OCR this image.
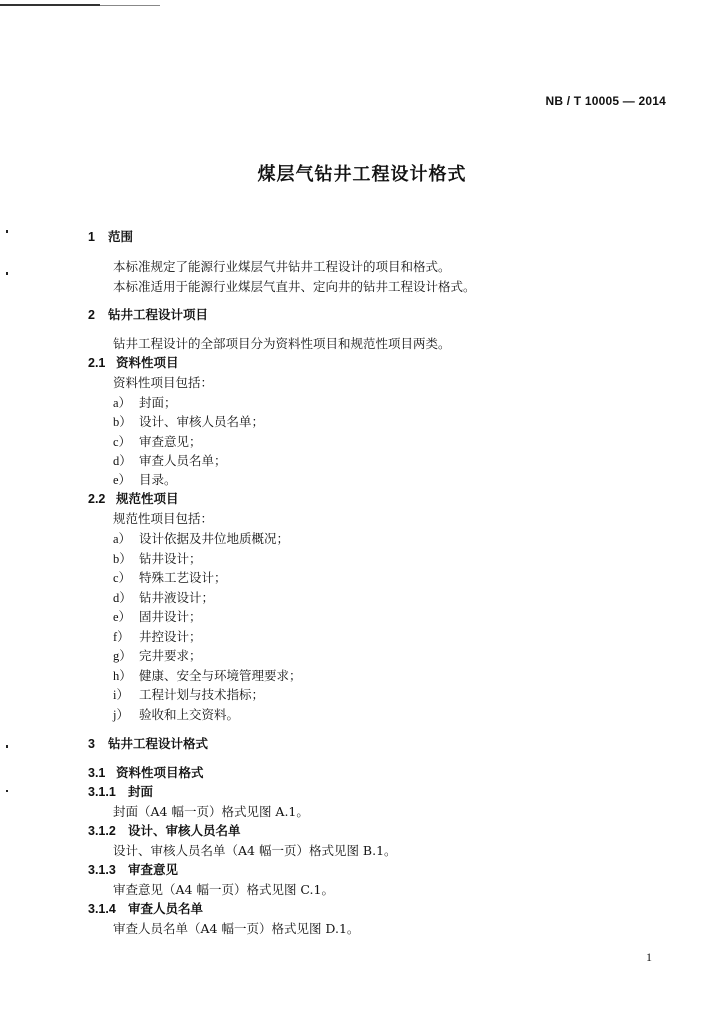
NB / T 10005 — 2014
煤层气钻井工程设计格式
1 范围
本标准规定了能源行业煤层气井钻井工程设计的项目和格式。
本标准适用于能源行业煤层气直井、定向井的钻井工程设计格式。
2 钻井工程设计项目
钻井工程设计的全部项目分为资料性项目和规范性项目两类。
2.1 资料性项目
资料性项目包括：
a） 封面；
b） 设计、审核人员名单；
c） 审查意见；
d） 审查人员名单；
e） 目录。
2.2 规范性项目
规范性项目包括：
a） 设计依据及井位地质概况；
b） 钻井设计；
c） 特殊工艺设计；
d） 钻井液设计；
e） 固井设计；
f） 井控设计；
g） 完井要求；
h） 健康、安全与环境管理要求；
i） 工程计划与技术指标；
j） 验收和上交资料。
3 钻井工程设计格式
3.1 资料性项目格式
3.1.1 封面
封面（A4 幅一页）格式见图 A.1。
3.1.2 设计、审核人员名单
设计、审核人员名单（A4 幅一页）格式见图 B.1。
3.1.3 审查意见
审查意见（A4 幅一页）格式见图 C.1。
3.1.4 审查人员名单
审查人员名单（A4 幅一页）格式见图 D.1。
1
